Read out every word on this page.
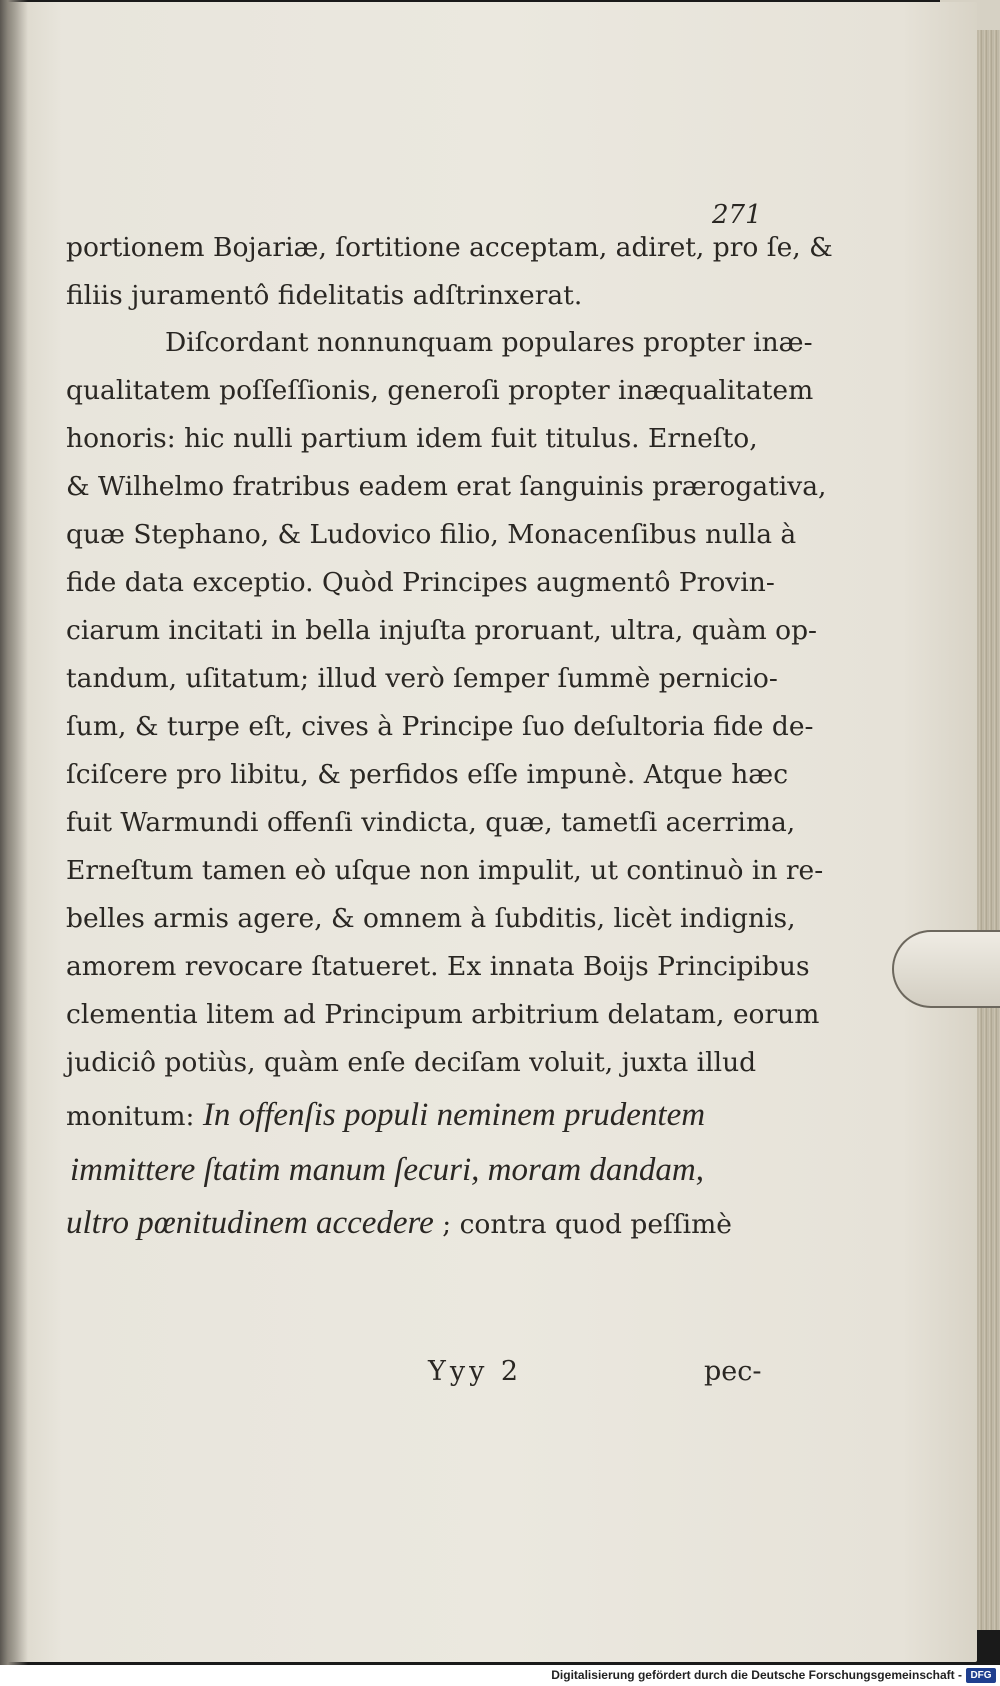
271
portionem Bojariæ, ſortitione acceptam, adiret, pro ſe, &
filiis juramentô fidelitatis adſtrinxerat.
Diſcordant nonnunquam populares propter inæ-
qualitatem poſſeſſionis, generoſi propter inæqualitatem
honoris: hic nulli partium idem fuit titulus. Erneſto,
& Wilhelmo fratribus eadem erat ſanguinis prærogativa,
quæ Stephano, & Ludovico filio, Monacenſibus nulla à
fide data exceptio. Quòd Principes augmentô Provin-
ciarum incitati in bella injuſta proruant, ultra, quàm op-
tandum, uſitatum; illud verò ſemper ſummè pernicio-
ſum, & turpe eſt, cives à Principe ſuo deſultoria fide de-
ſciſcere pro libitu, & perfidos eſſe impunè. Atque hæc
fuit Warmundi offenſi vindicta, quæ, tametſi acerrima,
Erneſtum tamen eò uſque non impulit, ut continuò in re-
belles armis agere, & omnem à ſubditis, licèt indignis,
amorem revocare ſtatueret. Ex innata Boijs Principibus
clementia litem ad Principum arbitrium delatam, eorum
judiciô potiùs, quàm enſe deciſam voluit, juxta illud
monitum: In offenſis populi neminem prudentem
immittere ſtatim manum ſecuri, moram dandam,
ultro pœnitudinem accedere ; contra quod peſſimè
Yyy 2	pec-
Digitalisierung gefördert durch die Deutsche Forschungsgemeinschaft - DFG
